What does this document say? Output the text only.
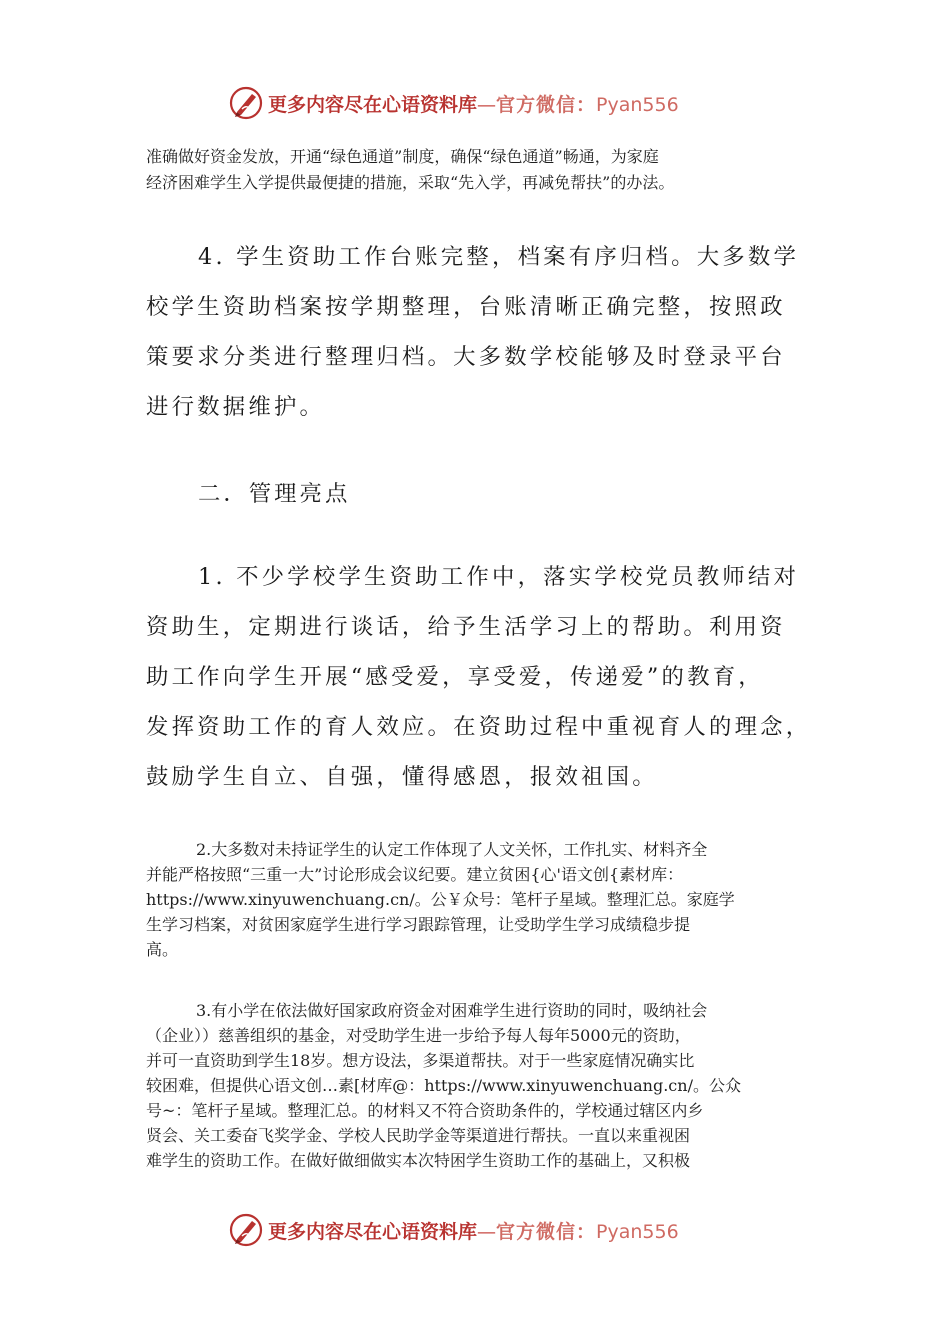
更多内容尽在心语资料库—官方微信：Pyan556
准确做好资金发放，开通“绿色通道”制度，确保“绿色通道”畅通，为家庭
经济困难学生入学提供最便捷的措施，采取“先入学，再减免帮扶”的办法。
4. 学生资助工作台账完整，档案有序归档。大多数学
校学生资助档案按学期整理，台账清晰正确完整，按照政
策要求分类进行整理归档。大多数学校能够及时登录平台
进行数据维护。
二．管理亮点
1. 不少学校学生资助工作中，落实学校党员教师结对
资助生，定期进行谈话，给予生活学习上的帮助。利用资
助工作向学生开展“感受爱，享受爱，传递爱”的教育，
发挥资助工作的育人效应。在资助过程中重视育人的理念，
鼓励学生自立、自强，懂得感恩，报效祖国。
2.大多数对未持证学生的认定工作体现了人文关怀，工作扎实、材料齐全
并能严格按照“三重一大”讨论形成会议纪要。建立贫困{心'语文创{素材库：
https://www.xinyuwenchuang.cn/。公￥众号：笔杆子星域。整理汇总。家庭学
生学习档案，对贫困家庭学生进行学习跟踪管理，让受助学生学习成绩稳步提
高。
3.有小学在依法做好国家政府资金对困难学生进行资助的同时，吸纳社会
（企业））慈善组织的基金，对受助学生进一步给予每人每年5000元的资助，
并可一直资助到学生18岁。想方设法，多渠道帮扶。对于一些家庭情况确实比
较困难，但提供心语文创…素[材库@：https://www.xinyuwenchuang.cn/。公众
号~：笔杆子星域。整理汇总。的材料又不符合资助条件的，学校通过辖区内乡
贤会、关工委奋飞奖学金、学校人民助学金等渠道进行帮扶。一直以来重视困
难学生的资助工作。在做好做细做实本次特困学生资助工作的基础上，又积极
更多内容尽在心语资料库—官方微信：Pyan556
